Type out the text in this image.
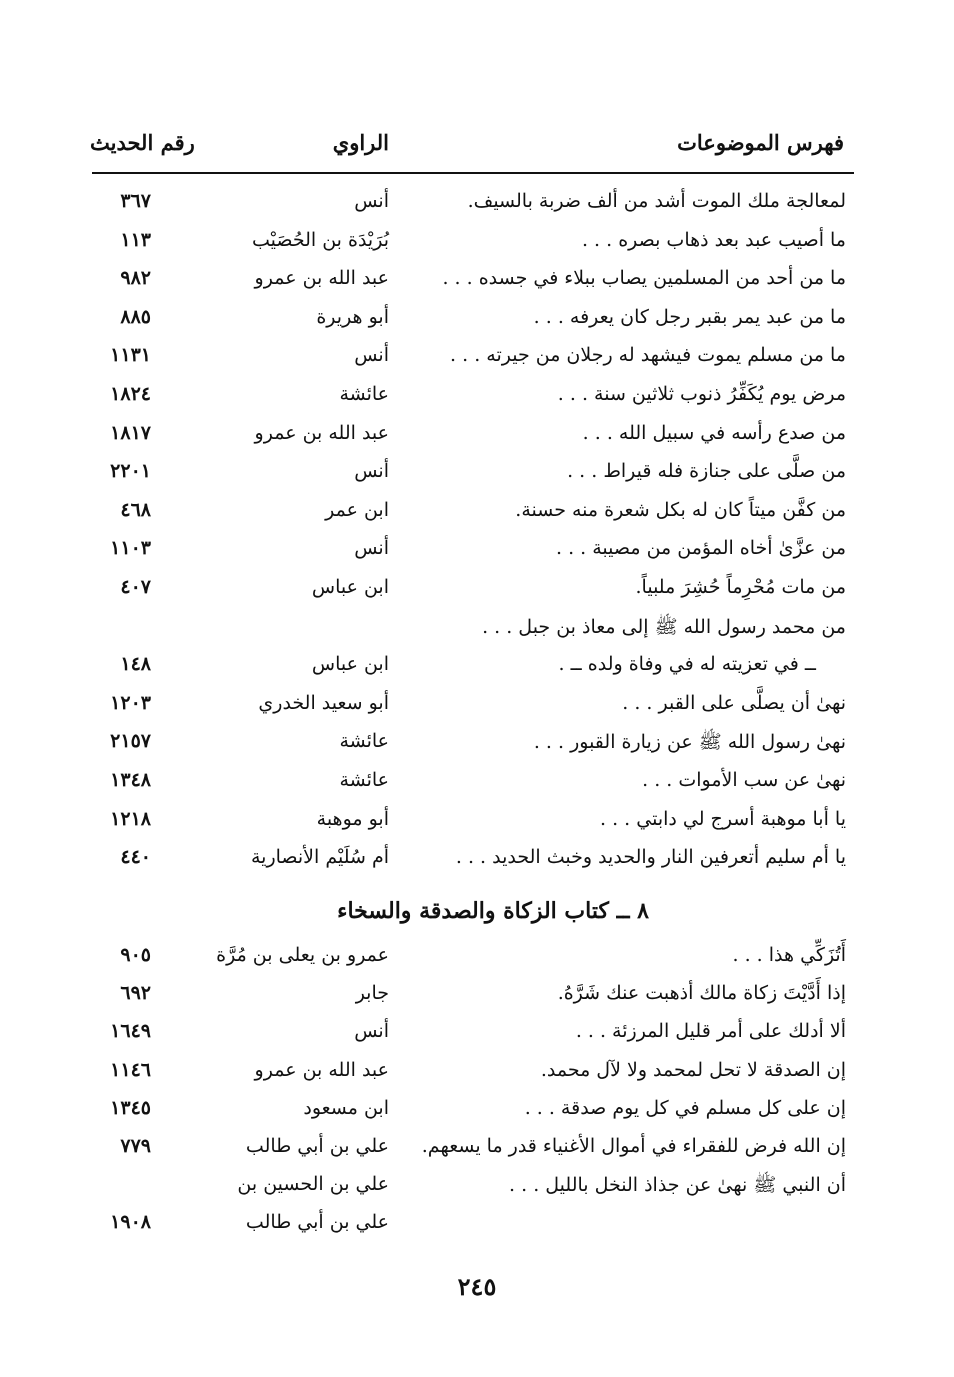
فهرس الموضوعات
الراوي
رقم الحديث
لمعالجة ملك الموت أشد من ألف ضربة بالسيف.
أنس
٣٦٧
ما أصيب عبد بعد ذهاب بصره . . .
بُرَيْدَة بن الحُصَيْب
١١٣
ما من أحد من المسلمين يصاب ببلاء في جسده . . .
عبد الله بن عمرو
٩٨٢
ما من عبد يمر بقبر رجل كان يعرفه . . .
أبو هريرة
٨٨٥
ما من مسلم يموت فيشهد له رجلان من جيرته . . .
أنس
١١٣١
مرض يوم يُكَفِّرُ ذنوب ثلاثين سنة . . .
عائشة
١٨٢٤
من صدع رأسه في سبيل الله . . .
عبد الله بن عمرو
١٨١٧
من صلَّى على جنازة فله قيراط . . .
أنس
٢٢٠١
من كفَّن ميتاً كان له بكل شعرة منه حسنة.
ابن عمر
٤٦٨
من عزَّىٰ أخاه المؤمن من مصيبة . . .
أنس
١١٠٣
من مات مُحْرِماً حُشِرَ ملبياً.
ابن عباس
٤٠٧
من محمد رسول الله ﷺ إلى معاذ بن جبل . . .
ــ في تعزيته له في وفاة ولده ــ .
ابن عباس
١٤٨
نهىٰ أن يصلَّى على القبر . . .
أبو سعيد الخدري
١٢٠٣
نهىٰ رسول الله ﷺ عن زيارة القبور . . .
عائشة
٢١٥٧
نهىٰ عن سب الأموات . . .
عائشة
١٣٤٨
يا أبا موهبة أسرج لي دابتي . . .
أبو موهبة
١٢١٨
يا أم سليم أتعرفين النار والحديد وخبث الحديد . . .
أم سُلَيْم الأنصارية
٤٤٠
٨ ــ كتاب الزكاة والصدقة والسخاء
أَتُزَكِّي هذا . . .
عمرو بن يعلى بن مُرَّة
٩٠٥
إذا أَدَّيْتَ زكاة مالك أذهبت عنك شَرَّهُ.
جابر
٦٩٢
ألا أدلك على أمر قليل المرزئة . . .
أنس
١٦٤٩
إن الصدقة لا تحل لمحمد ولا لآل محمد.
عبد الله بن عمرو
١١٤٦
إن على كل مسلم في كل يوم صدقة . . .
ابن مسعود
١٣٤٥
إن الله فرض للفقراء في أموال الأغنياء قدر ما يسعهم.
علي بن أبي طالب
٧٧٩
أن النبي ﷺ نهىٰ عن جذاذ النخل بالليل . . .
علي بن الحسين بن
علي بن أبي طالب
١٩٠٨
٢٤٥
